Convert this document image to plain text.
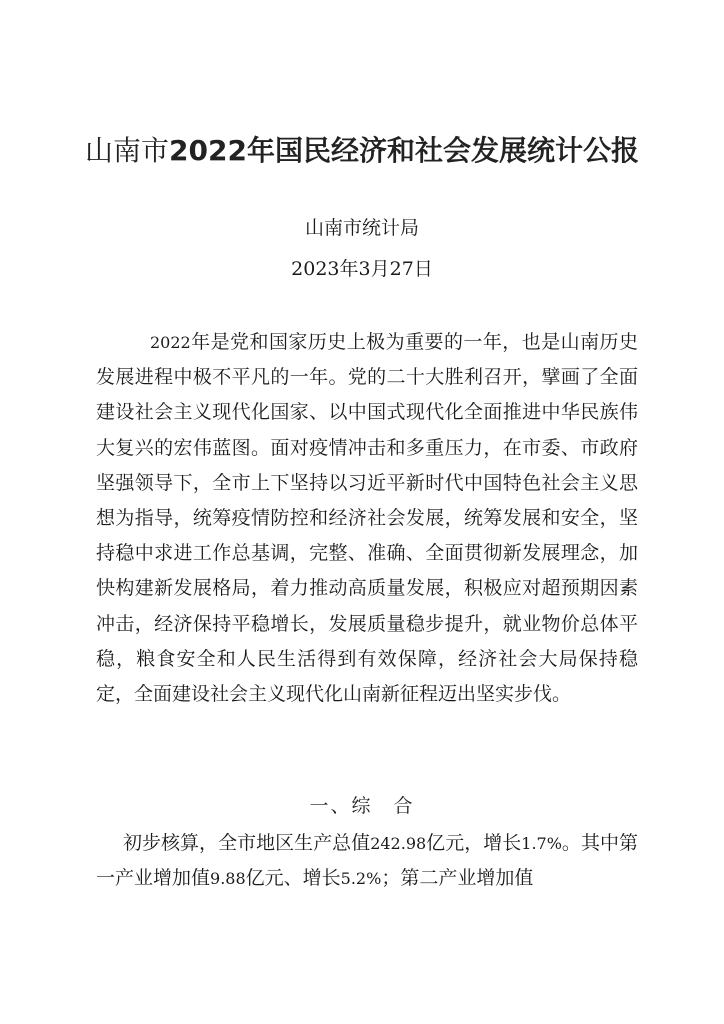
山南市2022年国民经济和社会发展统计公报
山南市统计局
2023年3月27日

2022年是党和国家历史上极为重要的一年，也是山南历史发展进程中极不平凡的一年。党的二十大胜利召开，擘画了全面建设社会主义现代化国家、以中国式现代化全面推进中华民族伟大复兴的宏伟蓝图。面对疫情冲击和多重压力，在市委、市政府坚强领导下，全市上下坚持以习近平新时代中国特色社会主义思想为指导，统筹疫情防控和经济社会发展，统筹发展和安全，坚持稳中求进工作总基调，完整、准确、全面贯彻新发展理念，加快构建新发展格局，着力推动高质量发展，积极应对超预期因素冲击，经济保持平稳增长，发展质量稳步提升，就业物价总体平稳，粮食安全和人民生活得到有效保障，经济社会大局保持稳定，全面建设社会主义现代化山南新征程迈出坚实步伐。

一、综　合

初步核算，全市地区生产总值242.98亿元，增长1.7%。其中第一产业增加值9.88亿元、增长5.2%；第二产业增加值
